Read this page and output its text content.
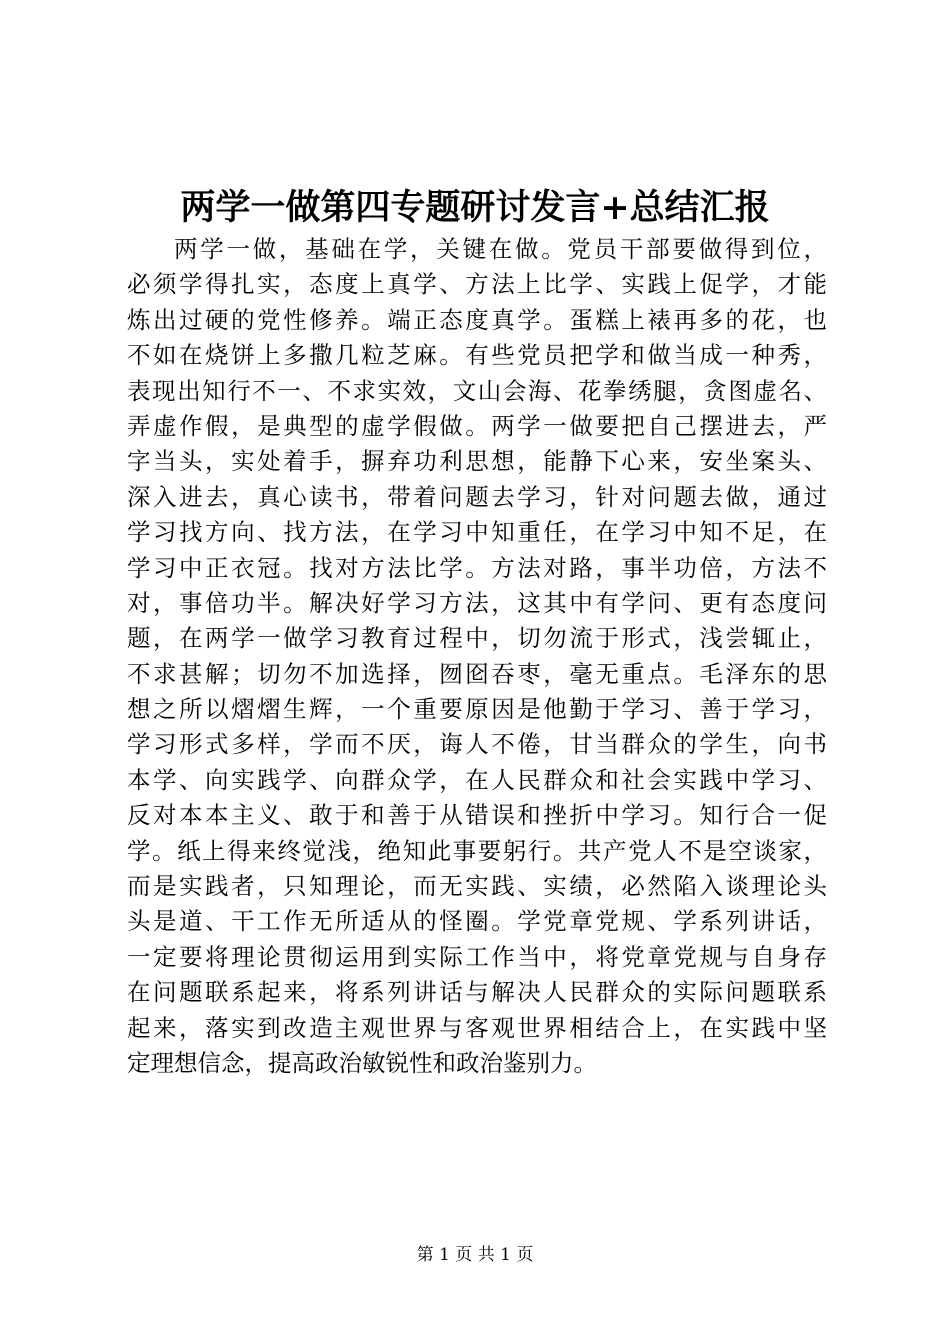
两学一做第四专题研讨发言+总结汇报
两学一做，基础在学，关键在做。党员干部要做得到位，
必须学得扎实，态度上真学、方法上比学、实践上促学，才能
炼出过硬的党性修养。端正态度真学。蛋糕上裱再多的花，也
不如在烧饼上多撒几粒芝麻。有些党员把学和做当成一种秀，
表现出知行不一、不求实效，文山会海、花拳绣腿，贪图虚名、
弄虚作假，是典型的虚学假做。两学一做要把自己摆进去，严
字当头，实处着手，摒弃功利思想，能静下心来，安坐案头、
深入进去，真心读书，带着问题去学习，针对问题去做，通过
学习找方向、找方法，在学习中知重任，在学习中知不足，在
学习中正衣冠。找对方法比学。方法对路，事半功倍，方法不
对，事倍功半。解决好学习方法，这其中有学问、更有态度问
题，在两学一做学习教育过程中，切勿流于形式，浅尝辄止，
不求甚解；切勿不加选择，囫囵吞枣，毫无重点。毛泽东的思
想之所以熠熠生辉，一个重要原因是他勤于学习、善于学习，
学习形式多样，学而不厌，诲人不倦，甘当群众的学生，向书
本学、向实践学、向群众学，在人民群众和社会实践中学习、
反对本本主义、敢于和善于从错误和挫折中学习。知行合一促
学。纸上得来终觉浅，绝知此事要躬行。共产党人不是空谈家，
而是实践者，只知理论，而无实践、实绩，必然陷入谈理论头
头是道、干工作无所适从的怪圈。学党章党规、学系列讲话，
一定要将理论贯彻运用到实际工作当中，将党章党规与自身存
在问题联系起来，将系列讲话与解决人民群众的实际问题联系
起来，落实到改造主观世界与客观世界相结合上，在实践中坚
定理想信念，提高政治敏锐性和政治鉴别力。
第 1 页 共 1 页
